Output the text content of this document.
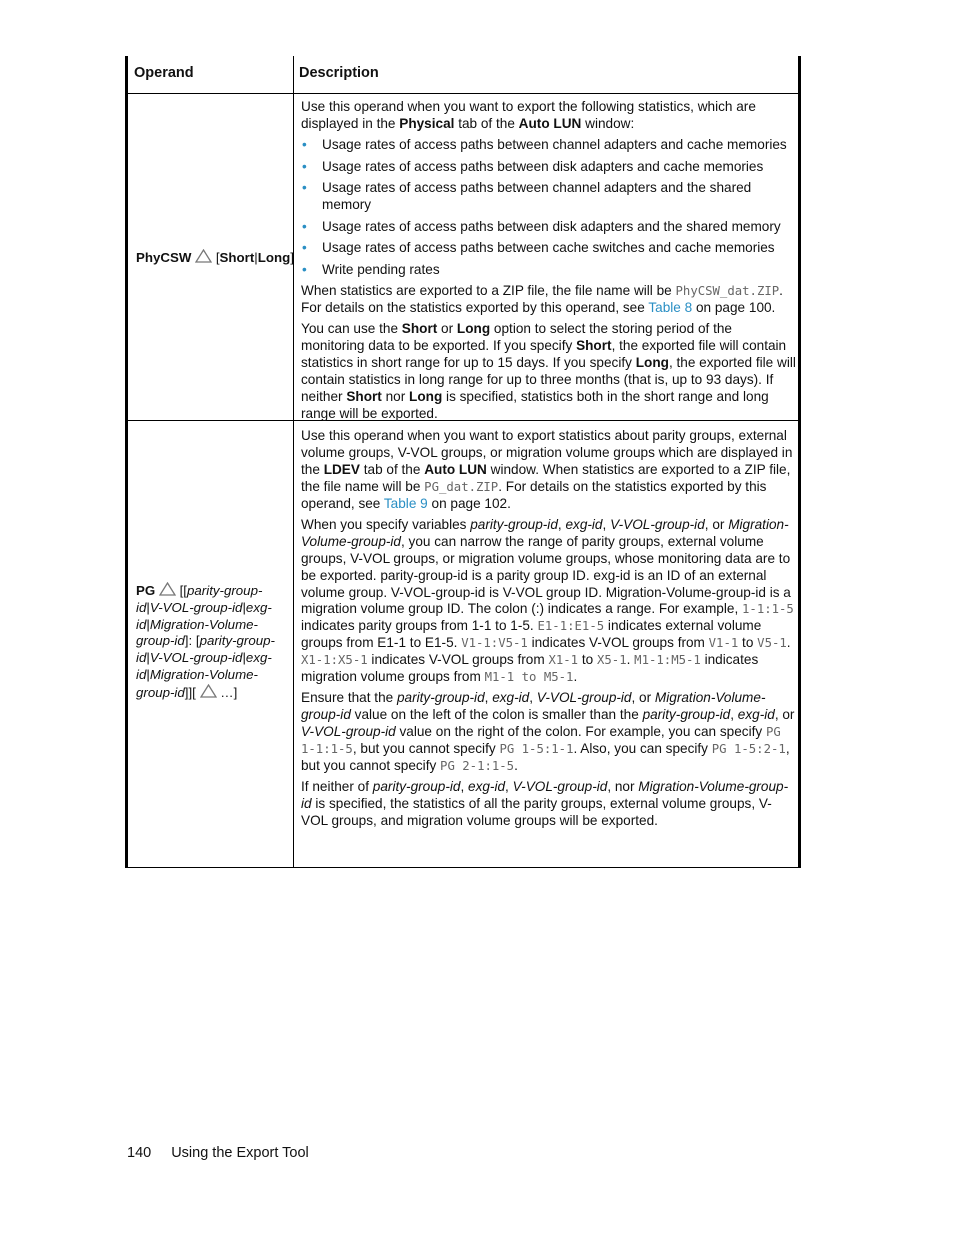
Operand	Description
PhyCSW [Short|Long]

Use this operand when you want to export the following statistics, which are displayed in the Physical tab of the Auto LUN window:

• Usage rates of access paths between channel adapters and cache memories
• Usage rates of access paths between disk adapters and cache memories
• Usage rates of access paths between channel adapters and the shared memory
• Usage rates of access paths between disk adapters and the shared memory
• Usage rates of access paths between cache switches and cache memories
• Write pending rates

When statistics are exported to a ZIP file, the file name will be PhyCSW_dat.ZIP. For details on the statistics exported by this operand, see Table 8 on page 100.

You can use the Short or Long option to select the storing period of the monitoring data to be exported. If you specify Short, the exported file will contain statistics in short range for up to 15 days. If you specify Long, the exported file will contain statistics in long range for up to three months (that is, up to 93 days). If neither Short nor Long is specified, statistics both in the short range and long range will be exported.

PG  [[parity-group-id|V-VOL-group-id|exg-id|Migration-Volume-group-id]: [parity-group-id|V-VOL-group-id|exg-id|Migration-Volume-group-id]][  …]

Use this operand when you want to export statistics about parity groups, external volume groups, V-VOL groups, or migration volume groups which are displayed in the LDEV tab of the Auto LUN window. When statistics are exported to a ZIP file, the file name will be PG_dat.ZIP. For details on the statistics exported by this operand, see Table 9 on page 102.

When you specify variables parity-group-id, exg-id, V-VOL-group-id, or Migration-Volume-group-id, you can narrow the range of parity groups, external volume groups, V-VOL groups, or migration volume groups, whose monitoring data are to be exported. parity-group-id is a parity group ID. exg-id is an ID of an external volume group. V-VOL-group-id is V-VOL group ID. Migration-Volume-group-id is a migration volume group ID. The colon (:) indicates a range. For example, 1-1:1-5 indicates parity groups from 1-1 to 1-5. E1-1:E1-5 indicates external volume groups from E1-1 to E1-5. V1-1:V5-1 indicates V-VOL groups from V1-1 to V5-1. X1-1:X5-1 indicates V-VOL groups from X1-1 to X5-1. M1-1:M5-1 indicates migration volume groups from M1-1 to M5-1.

Ensure that the parity-group-id, exg-id, V-VOL-group-id, or Migration-Volume-group-id value on the left of the colon is smaller than the parity-group-id, exg-id, or V-VOL-group-id value on the right of the colon. For example, you can specify PG 1-1:1-5, but you cannot specify PG 1-5:1-1. Also, you can specify PG 1-5:2-1, but you cannot specify PG 2-1:1-5.

If neither of parity-group-id, exg-id, V-VOL-group-id, nor Migration-Volume-group-id is specified, the statistics of all the parity groups, external volume groups, V-VOL groups, and migration volume groups will be exported.

140 Using the Export Tool
